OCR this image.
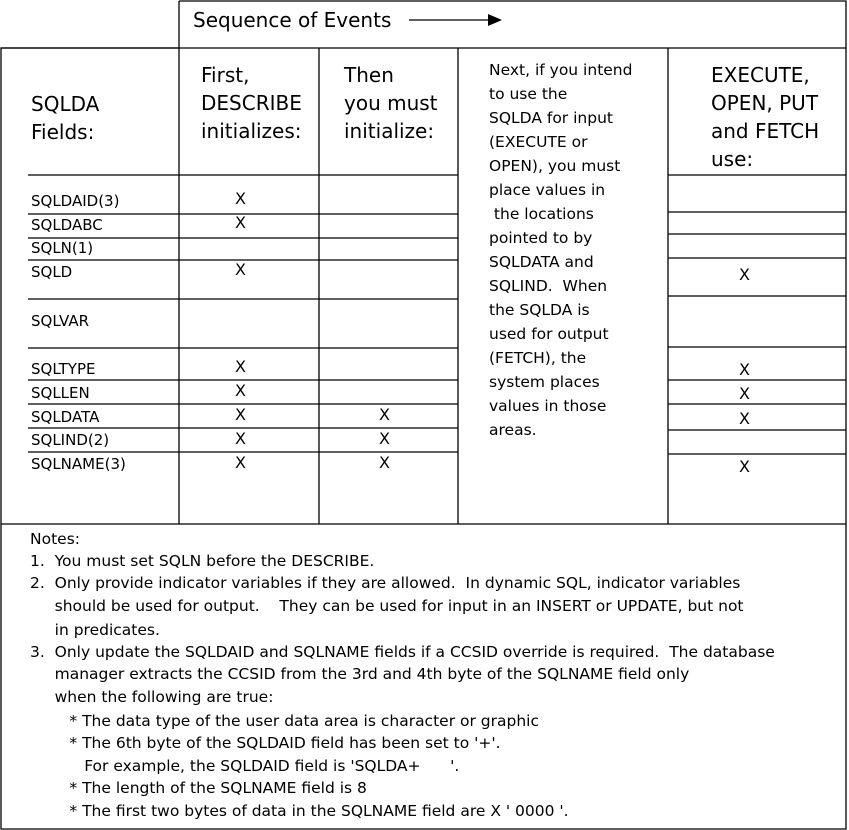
Sequence of Events
SQLDA
Fields:
First,
DESCRIBE
initializes:
Then
you must
initialize:
EXECUTE,
OPEN, PUT
and FETCH
use:
Next, if you intend
to use the
SQLDA for input
(EXECUTE or
OPEN), you must
place values in
the locations
pointed to by
SQLDATA and
SQLIND.  When
the SQLDA is
used for output
(FETCH), the
system places
values in those
areas.
SQLDAID(3)
SQLDABC
SQLN(1)
SQLD
SQLVAR
SQLTYPE
SQLLEN
SQLDATA
SQLIND(2)
SQLNAME(3)
X
X
X
X
X
X
X
X
X
X
X
X
X
X
X
X
Notes:
1.  You must set SQLN before the DESCRIBE.
2.  Only provide indicator variables if they are allowed.  In dynamic SQL, indicator variables
should be used for output.    They can be used for input in an INSERT or UPDATE, but not
in predicates.
3.  Only update the SQLDAID and SQLNAME fields if a CCSID override is required.  The database
manager extracts the CCSID from the 3rd and 4th byte of the SQLNAME field only
when the following are true:
* The data type of the user data area is character or graphic
* The 6th byte of the SQLDAID field has been set to '+'.
For example, the SQLDAID field is 'SQLDA+      '.
* The length of the SQLNAME field is 8
* The first two bytes of data in the SQLNAME field are X ' 0000 '.
